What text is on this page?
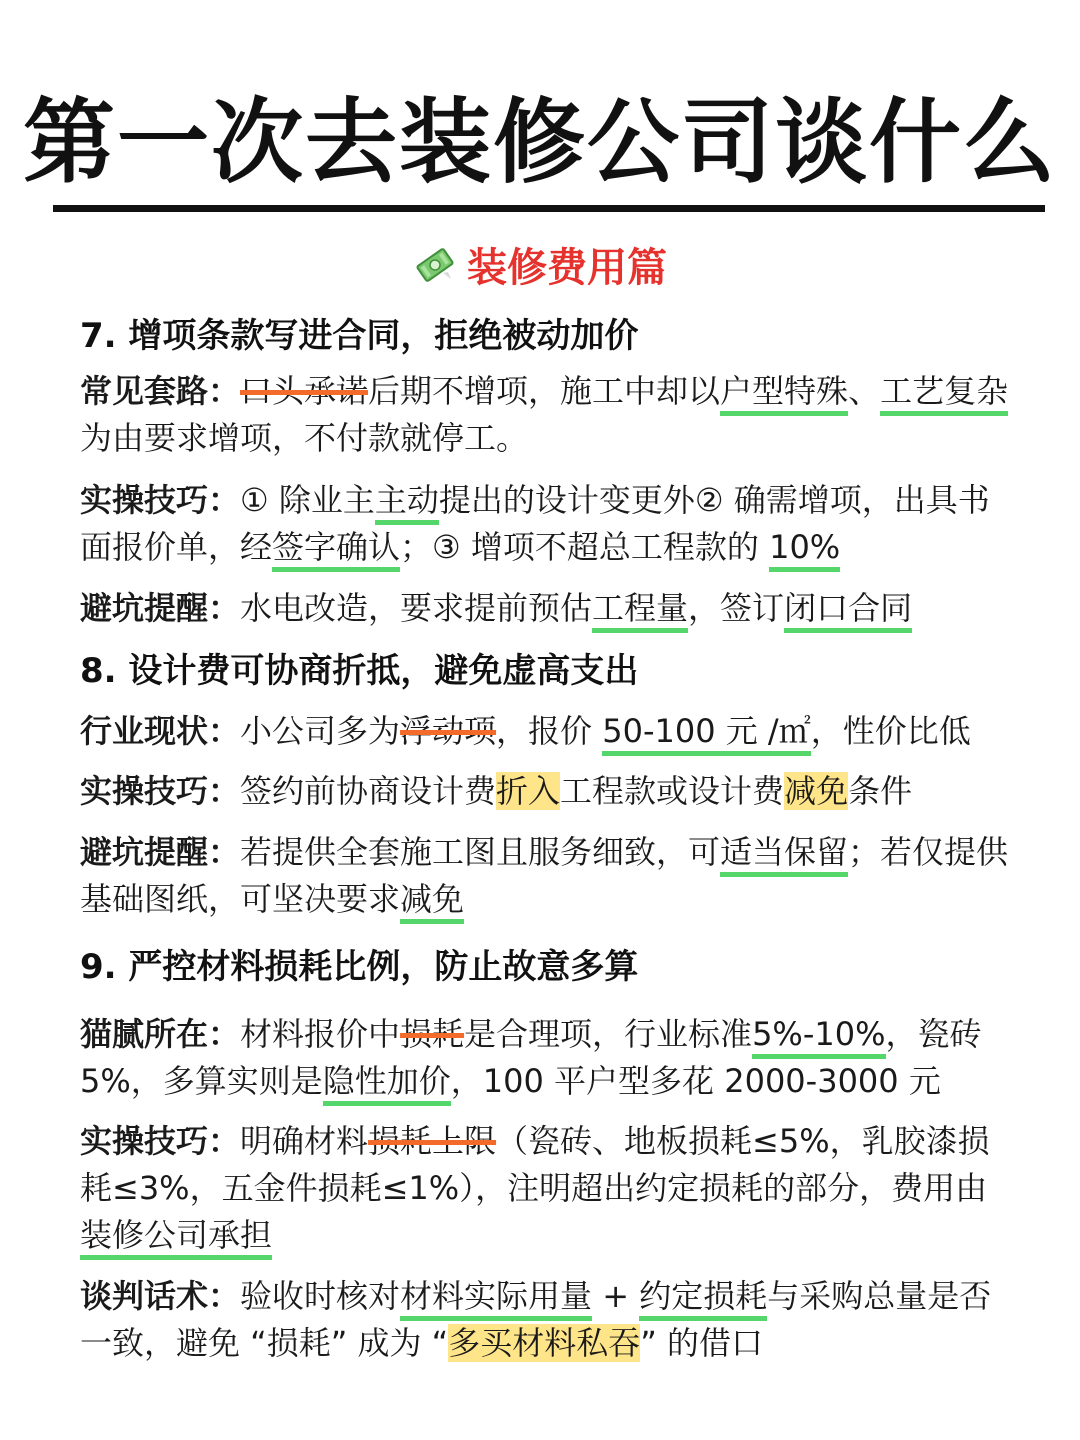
第一次去装修公司谈什么
装修费用篇
7. 增项条款写进合同，拒绝被动加价
常见套路：口头承诺后期不增项，施工中却以户型特殊、工艺复杂为由要求增项，不付款就停工。
实操技巧：① 除业主主动提出的设计变更外② 确需增项，出具书面报价单，经签字确认；③ 增项不超总工程款的 10%
避坑提醒：水电改造，要求提前预估工程量，签订闭口合同
8. 设计费可协商折抵，避免虚高支出
行业现状：小公司多为浮动项，报价 50-100 元 /㎡，性价比低
实操技巧：签约前协商设计费折入工程款或设计费减免条件
避坑提醒：若提供全套施工图且服务细致，可适当保留；若仅提供基础图纸，可坚决要求减免
9. 严控材料损耗比例，防止故意多算
猫腻所在：材料报价中损耗是合理项，行业标准5%-10%，瓷砖 5%，多算实则是隐性加价，100 平户型多花 2000-3000 元
实操技巧：明确材料损耗上限（瓷砖、地板损耗≤5%，乳胶漆损耗≤3%，五金件损耗≤1%），注明超出约定损耗的部分，费用由装修公司承担
谈判话术：验收时核对材料实际用量 + 约定损耗与采购总量是否一致，避免 “损耗” 成为 “多买材料私吞” 的借口
